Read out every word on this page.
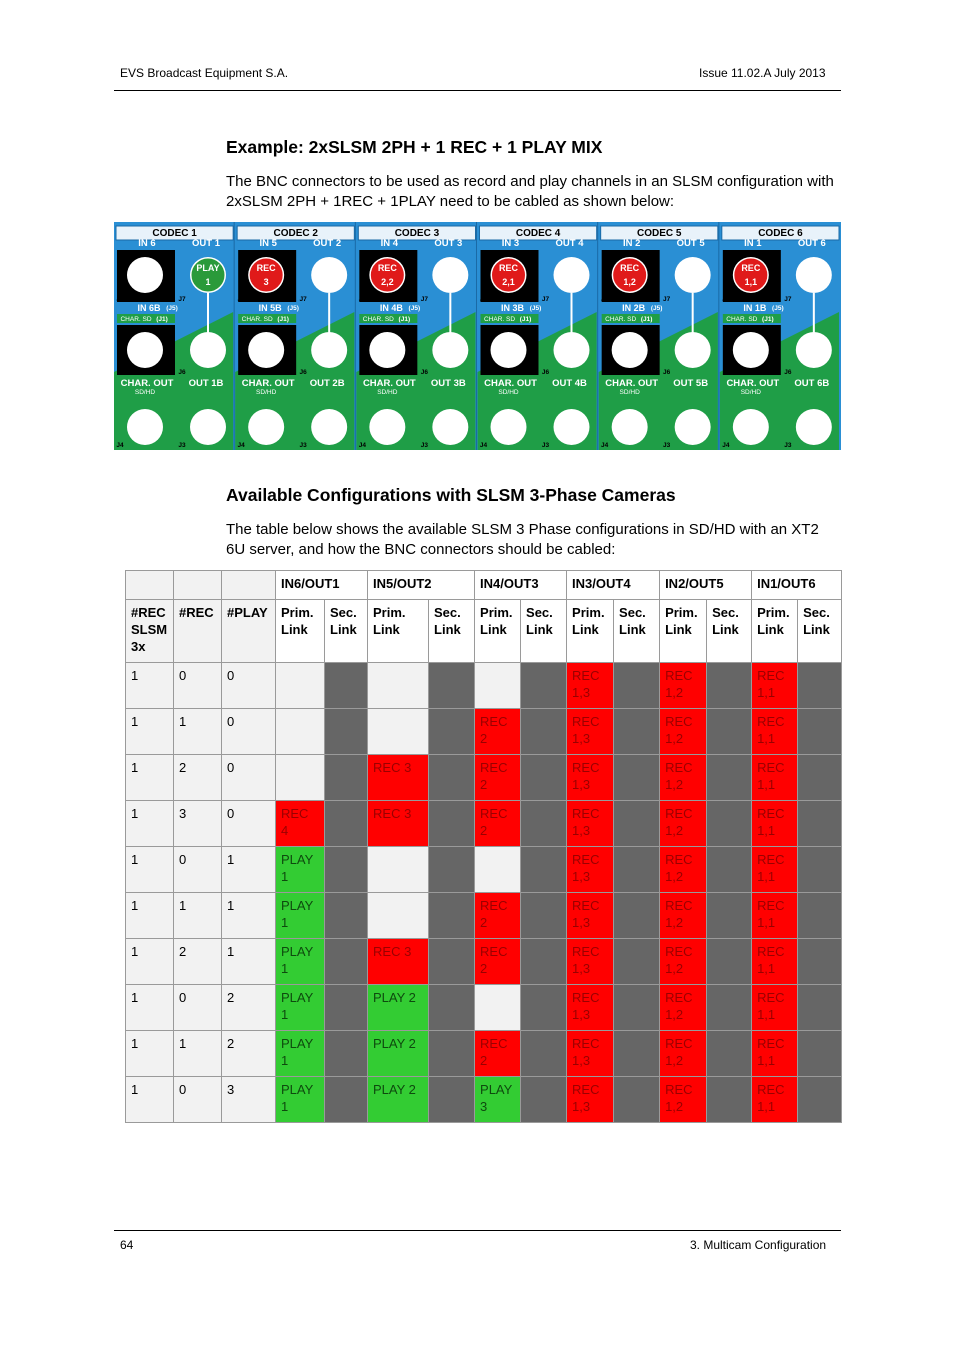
EVS Broadcast Equipment S.A.	Issue 11.02.A July 2013
Example: 2xSLSM 2PH + 1 REC + 1 PLAY MIX

The BNC connectors to be used as record and play channels in an SLSM configuration with 2xSLSM 2PH + 1REC + 1PLAY need to be cabled as shown below:

CODEC 1
IN 6	OUT 1
PLAY
1
J8	J7
IN 6B (J5)
CHAR. SD (J1)
J6
CHAR. OUT
SD/HD
OUT 1B
J4	J3
CODEC 2
IN 5	OUT 2
REC
3
J8	J7
IN 5B (J5)
CHAR. SD (J1)
J6
CHAR. OUT
SD/HD
OUT 2B
J4	J3
CODEC 3
IN 4	OUT 3
REC
2,2
J8	J7
IN 4B (J5)
CHAR. SD (J1)
J6
CHAR. OUT
SD/HD
OUT 3B
J4	J3
CODEC 4
IN 3	OUT 4
REC
2,1
J8	J7
IN 3B (J5)
CHAR. SD (J1)
J6
CHAR. OUT
SD/HD
OUT 4B
J4	J3
CODEC 5
IN 2	OUT 5
REC
1,2
J8	J7
IN 2B (J5)
CHAR. SD (J1)
J6
CHAR. OUT
SD/HD
OUT 5B
J4	J3
CODEC 6
IN 1	OUT 6
REC
1,1
J8	J7
IN 1B (J5)
CHAR. SD (J1)
J6
CHAR. OUT
SD/HD
OUT 6B
J4	J3
Available Configurations with SLSM 3-Phase Cameras

The table below shows the available SLSM 3 Phase configurations in SD/HD with an XT2 6U server, and how the BNC connectors should be cabled:

			IN6/OUT1		IN5/OUT2		IN4/OUT3		IN3/OUT4		IN2/OUT5		IN1/OUT6	
#REC SLSM 3x	#REC	#PLAY	Prim. Link	Sec. Link	Prim. Link	Sec. Link	Prim. Link	Sec. Link	Prim. Link	Sec. Link	Prim. Link	Sec. Link	Prim. Link	Sec. Link
1	0	0							REC 1,3		REC 1,2		REC 1,1	
1	1	0					REC 2		REC 1,3		REC 1,2		REC 1,1	
1	2	0			REC 3		REC 2		REC 1,3		REC 1,2		REC 1,1	
1	3	0	REC 4		REC 3		REC 2		REC 1,3		REC 1,2		REC 1,1	
1	0	1	PLAY 1						REC 1,3		REC 1,2		REC 1,1	
1	1	1	PLAY 1				REC 2		REC 1,3		REC 1,2		REC 1,1	
1	2	1	PLAY 1		REC 3		REC 2		REC 1,3		REC 1,2		REC 1,1	
1	0	2	PLAY 1		PLAY 2				REC 1,3		REC 1,2		REC 1,1	
1	1	2	PLAY 1		PLAY 2		REC 2		REC 1,3		REC 1,2		REC 1,1	
1	0	3	PLAY 1		PLAY 2		PLAY 3		REC 1,3		REC 1,2		REC 1,1	
64	3. Multicam Configuration
